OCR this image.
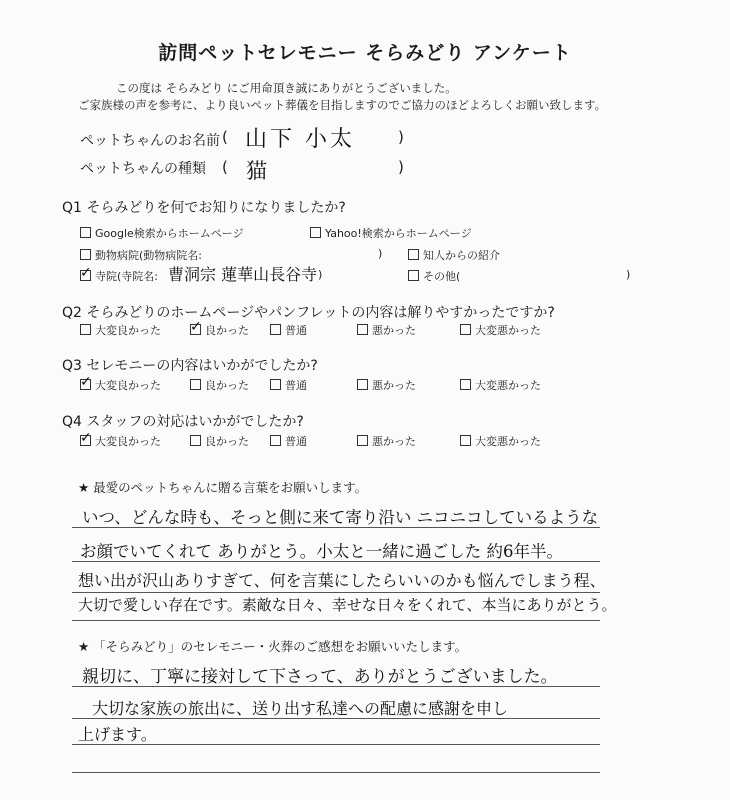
訪問ペットセレモニー そらみどり アンケート
この度は そらみどり にご用命頂き誠にありがとうございました。
ご家族様の声を参考に、より良いペット葬儀を目指しますのでご協力のほどよろしくお願い致します。
ペットちゃんのお名前 ( 山下 小太	)
ペットちゃんの種類 ( 猫	)
Q1 そらみどりを何でお知りになりましたか?
Google検索からホームページ	Yahoo!検索からホームページ
動物病院(動物病院名:	)	知人からの紹介
✓寺院(寺院名: 曹洞宗 蓮華山長谷寺 )	その他(	)
Q2 そらみどりのホームページやパンフレットの内容は解りやすかったですか?
大変良かった
✓	良かった	普通	悪かった	大変悪かった
Q3 セレモニーの内容はいかがでしたか?
✓大変良かった	良かった	普通	悪かった	大変悪かった
Q4 スタッフの対応はいかがでしたか?
✓大変良かった	良かった	普通	悪かった	大変悪かった
★ 最愛のペットちゃんに贈る言葉をお願いします。
いつ、どんな時も、そっと側に来て寄り沿い ニコニコしているような
お顔でいてくれて ありがとう。小太と一緒に過ごした 約6年半。
想い出が沢山ありすぎて、何を言葉にしたらいいのかも悩んでしまう程、
大切で愛しい存在です。素敵な日々、幸せな日々をくれて、本当にありがとう。
★ 「そらみどり」のセレモニー・火葬のご感想をお願いいたします。
親切に、丁寧に接対して下さって、ありがとうございました。
大切な家族の旅出に、送り出す私達への配慮に感謝を申し
上げます。
